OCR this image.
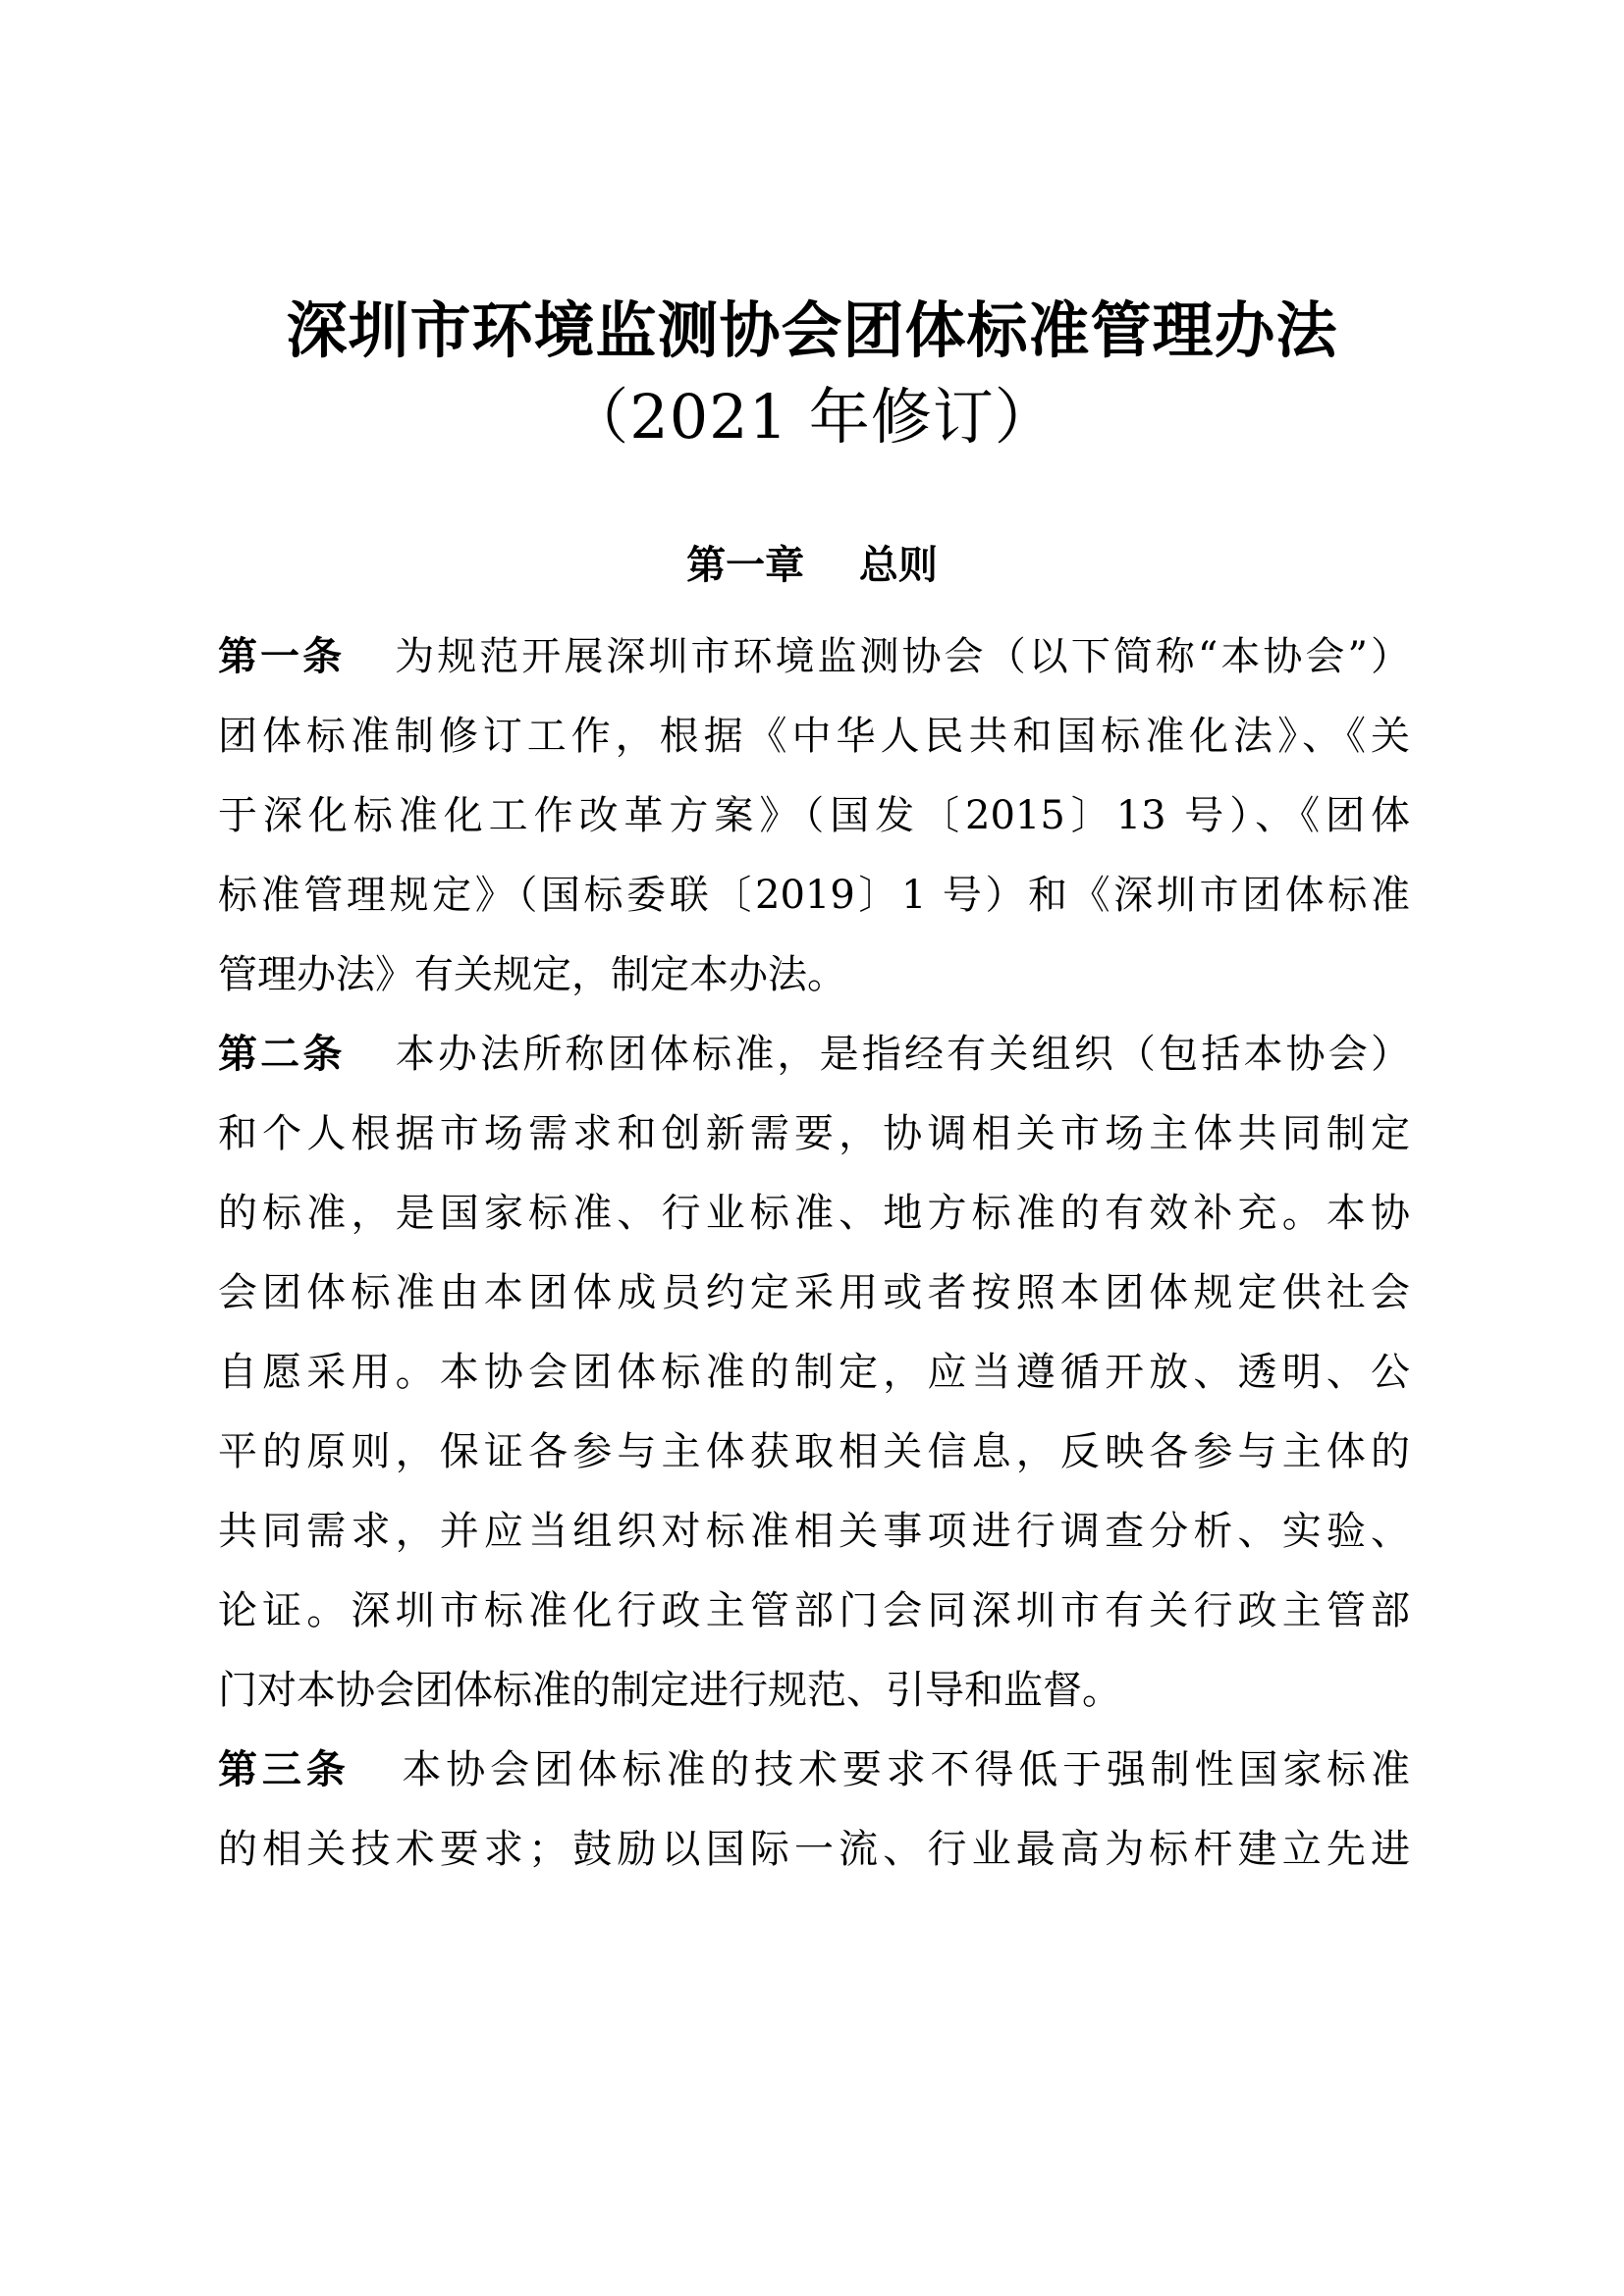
深圳市环境监测协会团体标准管理办法
（2021 年修订）
第一章 总则
第一条 为规范开展深圳市环境监测协会（以下简称“本协会”）
团体标准制修订工作，根据《中华人民共和国标准化法》、《关
于深化标准化工作改革方案》（国发〔2015〕13 号）、《团体
标准管理规定》（国标委联〔2019〕1 号）和《深圳市团体标准
管理办法》有关规定，制定本办法。
第二条 本办法所称团体标准，是指经有关组织（包括本协会）
和个人根据市场需求和创新需要，协调相关市场主体共同制定
的标准，是国家标准、行业标准、地方标准的有效补充。本协
会团体标准由本团体成员约定采用或者按照本团体规定供社会
自愿采用。本协会团体标准的制定，应当遵循开放、透明、公
平的原则，保证各参与主体获取相关信息，反映各参与主体的
共同需求，并应当组织对标准相关事项进行调查分析、实验、
论证。深圳市标准化行政主管部门会同深圳市有关行政主管部
门对本协会团体标准的制定进行规范、引导和监督。
第三条 本协会团体标准的技术要求不得低于强制性国家标准
的相关技术要求；鼓励以国际一流、行业最高为标杆建立先进
